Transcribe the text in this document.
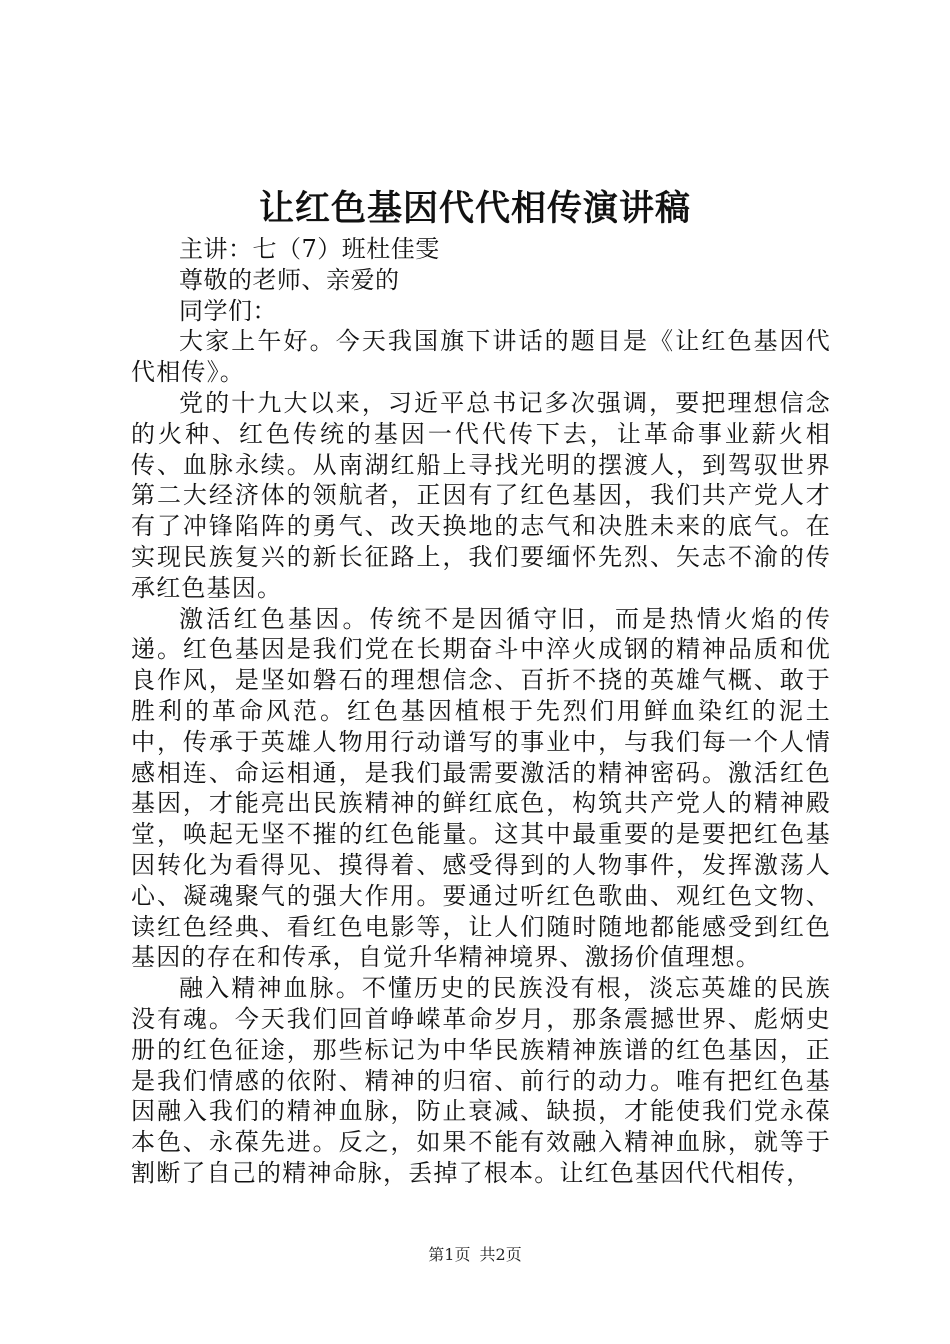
让红色基因代代相传演讲稿

主讲：七（7）班杜佳雯

尊敬的老师、亲爱的

同学们：

大家上午好。今天我国旗下讲话的题目是《让红色基因代代相传》。

党的十九大以来，习近平总书记多次强调，要把理想信念的火种、红色传统的基因一代代传下去，让革命事业薪火相传、血脉永续。从南湖红船上寻找光明的摆渡人，到驾驭世界第二大经济体的领航者，正因有了红色基因，我们共产党人才有了冲锋陷阵的勇气、改天换地的志气和决胜未来的底气。在实现民族复兴的新长征路上，我们要缅怀先烈、矢志不渝的传承红色基因。

激活红色基因。传统不是因循守旧，而是热情火焰的传递。红色基因是我们党在长期奋斗中淬火成钢的精神品质和优良作风，是坚如磐石的理想信念、百折不挠的英雄气概、敢于胜利的革命风范。红色基因植根于先烈们用鲜血染红的泥土中，传承于英雄人物用行动谱写的事业中，与我们每一个人情感相连、命运相通，是我们最需要激活的精神密码。激活红色基因，才能亮出民族精神的鲜红底色，构筑共产党人的精神殿堂，唤起无坚不摧的红色能量。这其中最重要的是要把红色基因转化为看得见、摸得着、感受得到的人物事件，发挥激荡人心、凝魂聚气的强大作用。要通过听红色歌曲、观红色文物、读红色经典、看红色电影等，让人们随时随地都能感受到红色基因的存在和传承，自觉升华精神境界、激扬价值理想。

融入精神血脉。不懂历史的民族没有根，淡忘英雄的民族没有魂。今天我们回首峥嵘革命岁月，那条震撼世界、彪炳史册的红色征途，那些标记为中华民族精神族谱的红色基因，正是我们情感的依附、精神的归宿、前行的动力。唯有把红色基因融入我们的精神血脉，防止衰减、缺损，才能使我们党永葆本色、永葆先进。反之，如果不能有效融入精神血脉，就等于割断了自己的精神命脉，丢掉了根本。让红色基因代代相传，

第1页 共2页
